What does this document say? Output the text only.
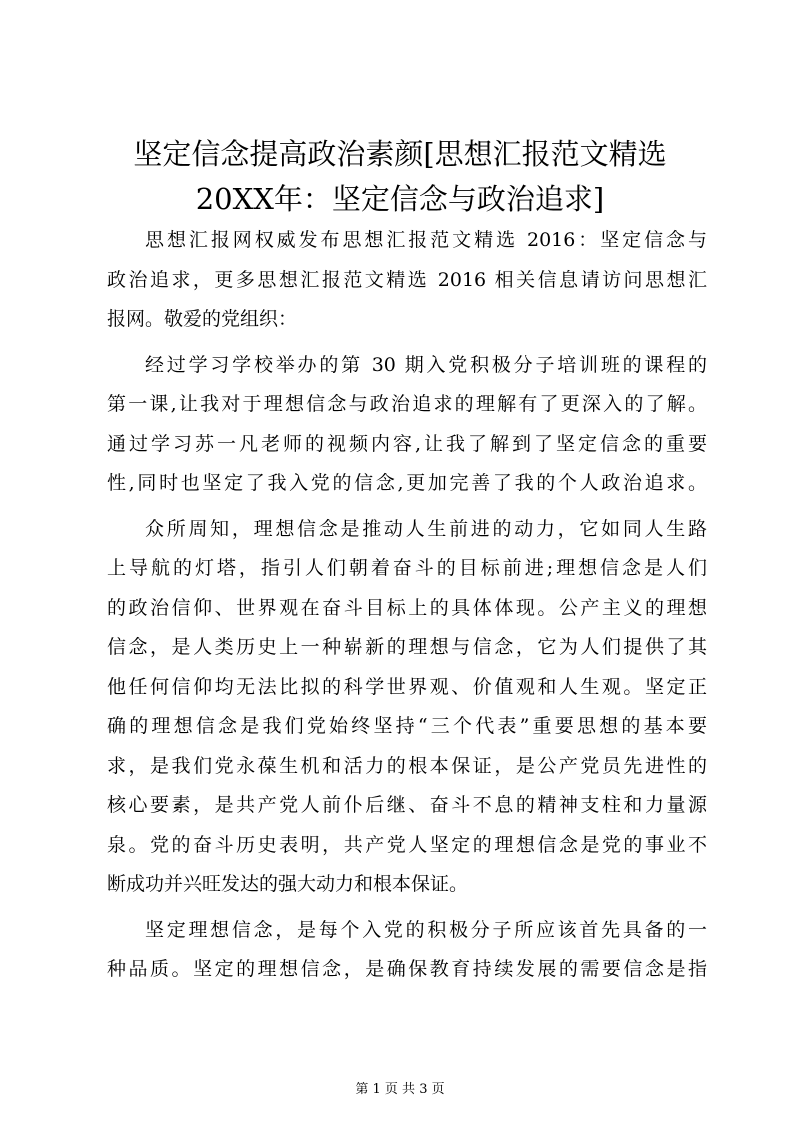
坚定信念提高政治素颜[思想汇报范文精选
20XX年：坚定信念与政治追求]

思想汇报网权威发布思想汇报范文精选 2016：坚定信念与
政治追求，更多思想汇报范文精选 2016 相关信息请访问思想汇
报网。敬爱的党组织：

经过学习学校举办的第 30 期入党积极分子培训班的课程的
第一课,让我对于理想信念与政治追求的理解有了更深入的了解。
通过学习苏一凡老师的视频内容,让我了解到了坚定信念的重要
性,同时也坚定了我入党的信念,更加完善了我的个人政治追求。

众所周知，理想信念是推动人生前进的动力，它如同人生路
上导航的灯塔，指引人们朝着奋斗的目标前进;理想信念是人们
的政治信仰、世界观在奋斗目标上的具体体现。公产主义的理想
信念，是人类历史上一种崭新的理想与信念，它为人们提供了其
他任何信仰均无法比拟的科学世界观、价值观和人生观。坚定正
确的理想信念是我们党始终坚持“三个代表”重要思想的基本要
求，是我们党永葆生机和活力的根本保证，是公产党员先进性的
核心要素，是共产党人前仆后继、奋斗不息的精神支柱和力量源
泉。党的奋斗历史表明，共产党人坚定的理想信念是党的事业不
断成功并兴旺发达的强大动力和根本保证。

坚定理想信念，是每个入党的积极分子所应该首先具备的一
种品质。坚定的理想信念，是确保教育持续发展的需要信念是指

第 1 页 共 3 页
